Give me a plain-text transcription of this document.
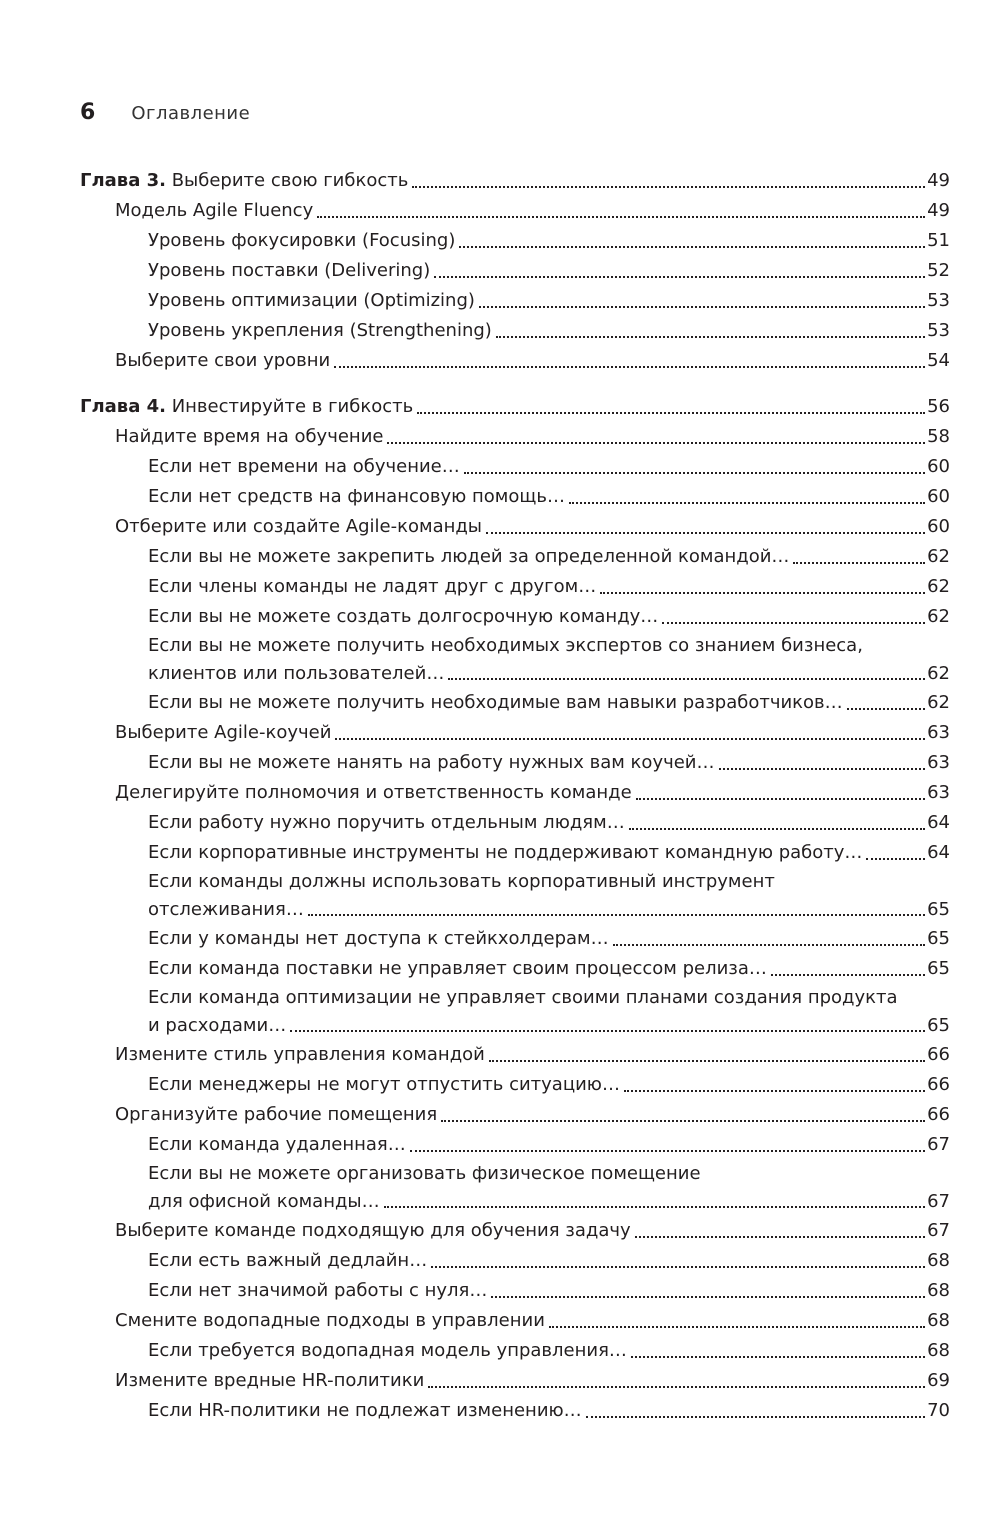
6 Оглавление
Глава 3. Выберите свою гибкость	49
Модель Agile Fluency	49
Уровень фокусировки (Focusing)	51
Уровень поставки (Delivering)	52
Уровень оптимизации (Optimizing)	53
Уровень укрепления (Strengthening)	53
Выберите свои уровни	54
Глава 4. Инвестируйте в гибкость	56
Найдите время на обучение	58
Если нет времени на обучение…	60
Если нет средств на финансовую помощь…	60
Отберите или создайте Agile-команды	60
Если вы не можете закрепить людей за определенной командой…	62
Если члены команды не ладят друг с другом…	62
Если вы не можете создать долгосрочную команду…	62
Если вы не можете получить необходимых экспертов со знанием бизнеса,
клиентов или пользователей…	62
Если вы не можете получить необходимые вам навыки разработчиков…	62
Выберите Agile-коучей	63
Если вы не можете нанять на работу нужных вам коучей…	63
Делегируйте полномочия и ответственность команде	63
Если работу нужно поручить отдельным людям…	64
Если корпоративные инструменты не поддерживают командную работу…	64
Если команды должны использовать корпоративный инструмент
отслеживания…	65
Если у команды нет доступа к стейкхолдерам…	65
Если команда поставки не управляет своим процессом релиза…	65
Если команда оптимизации не управляет своими планами создания продукта
и расходами…	65
Измените стиль управления командой	66
Если менеджеры не могут отпустить ситуацию…	66
Организуйте рабочие помещения	66
Если команда удаленная…	67
Если вы не можете организовать физическое помещение
для офисной команды…	67
Выберите команде подходящую для обучения задачу	67
Если есть важный дедлайн…	68
Если нет значимой работы с нуля…	68
Смените водопадные подходы в управлении	68
Если требуется водопадная модель управления…	68
Измените вредные HR-политики	69
Если HR-политики не подлежат изменению…	70
